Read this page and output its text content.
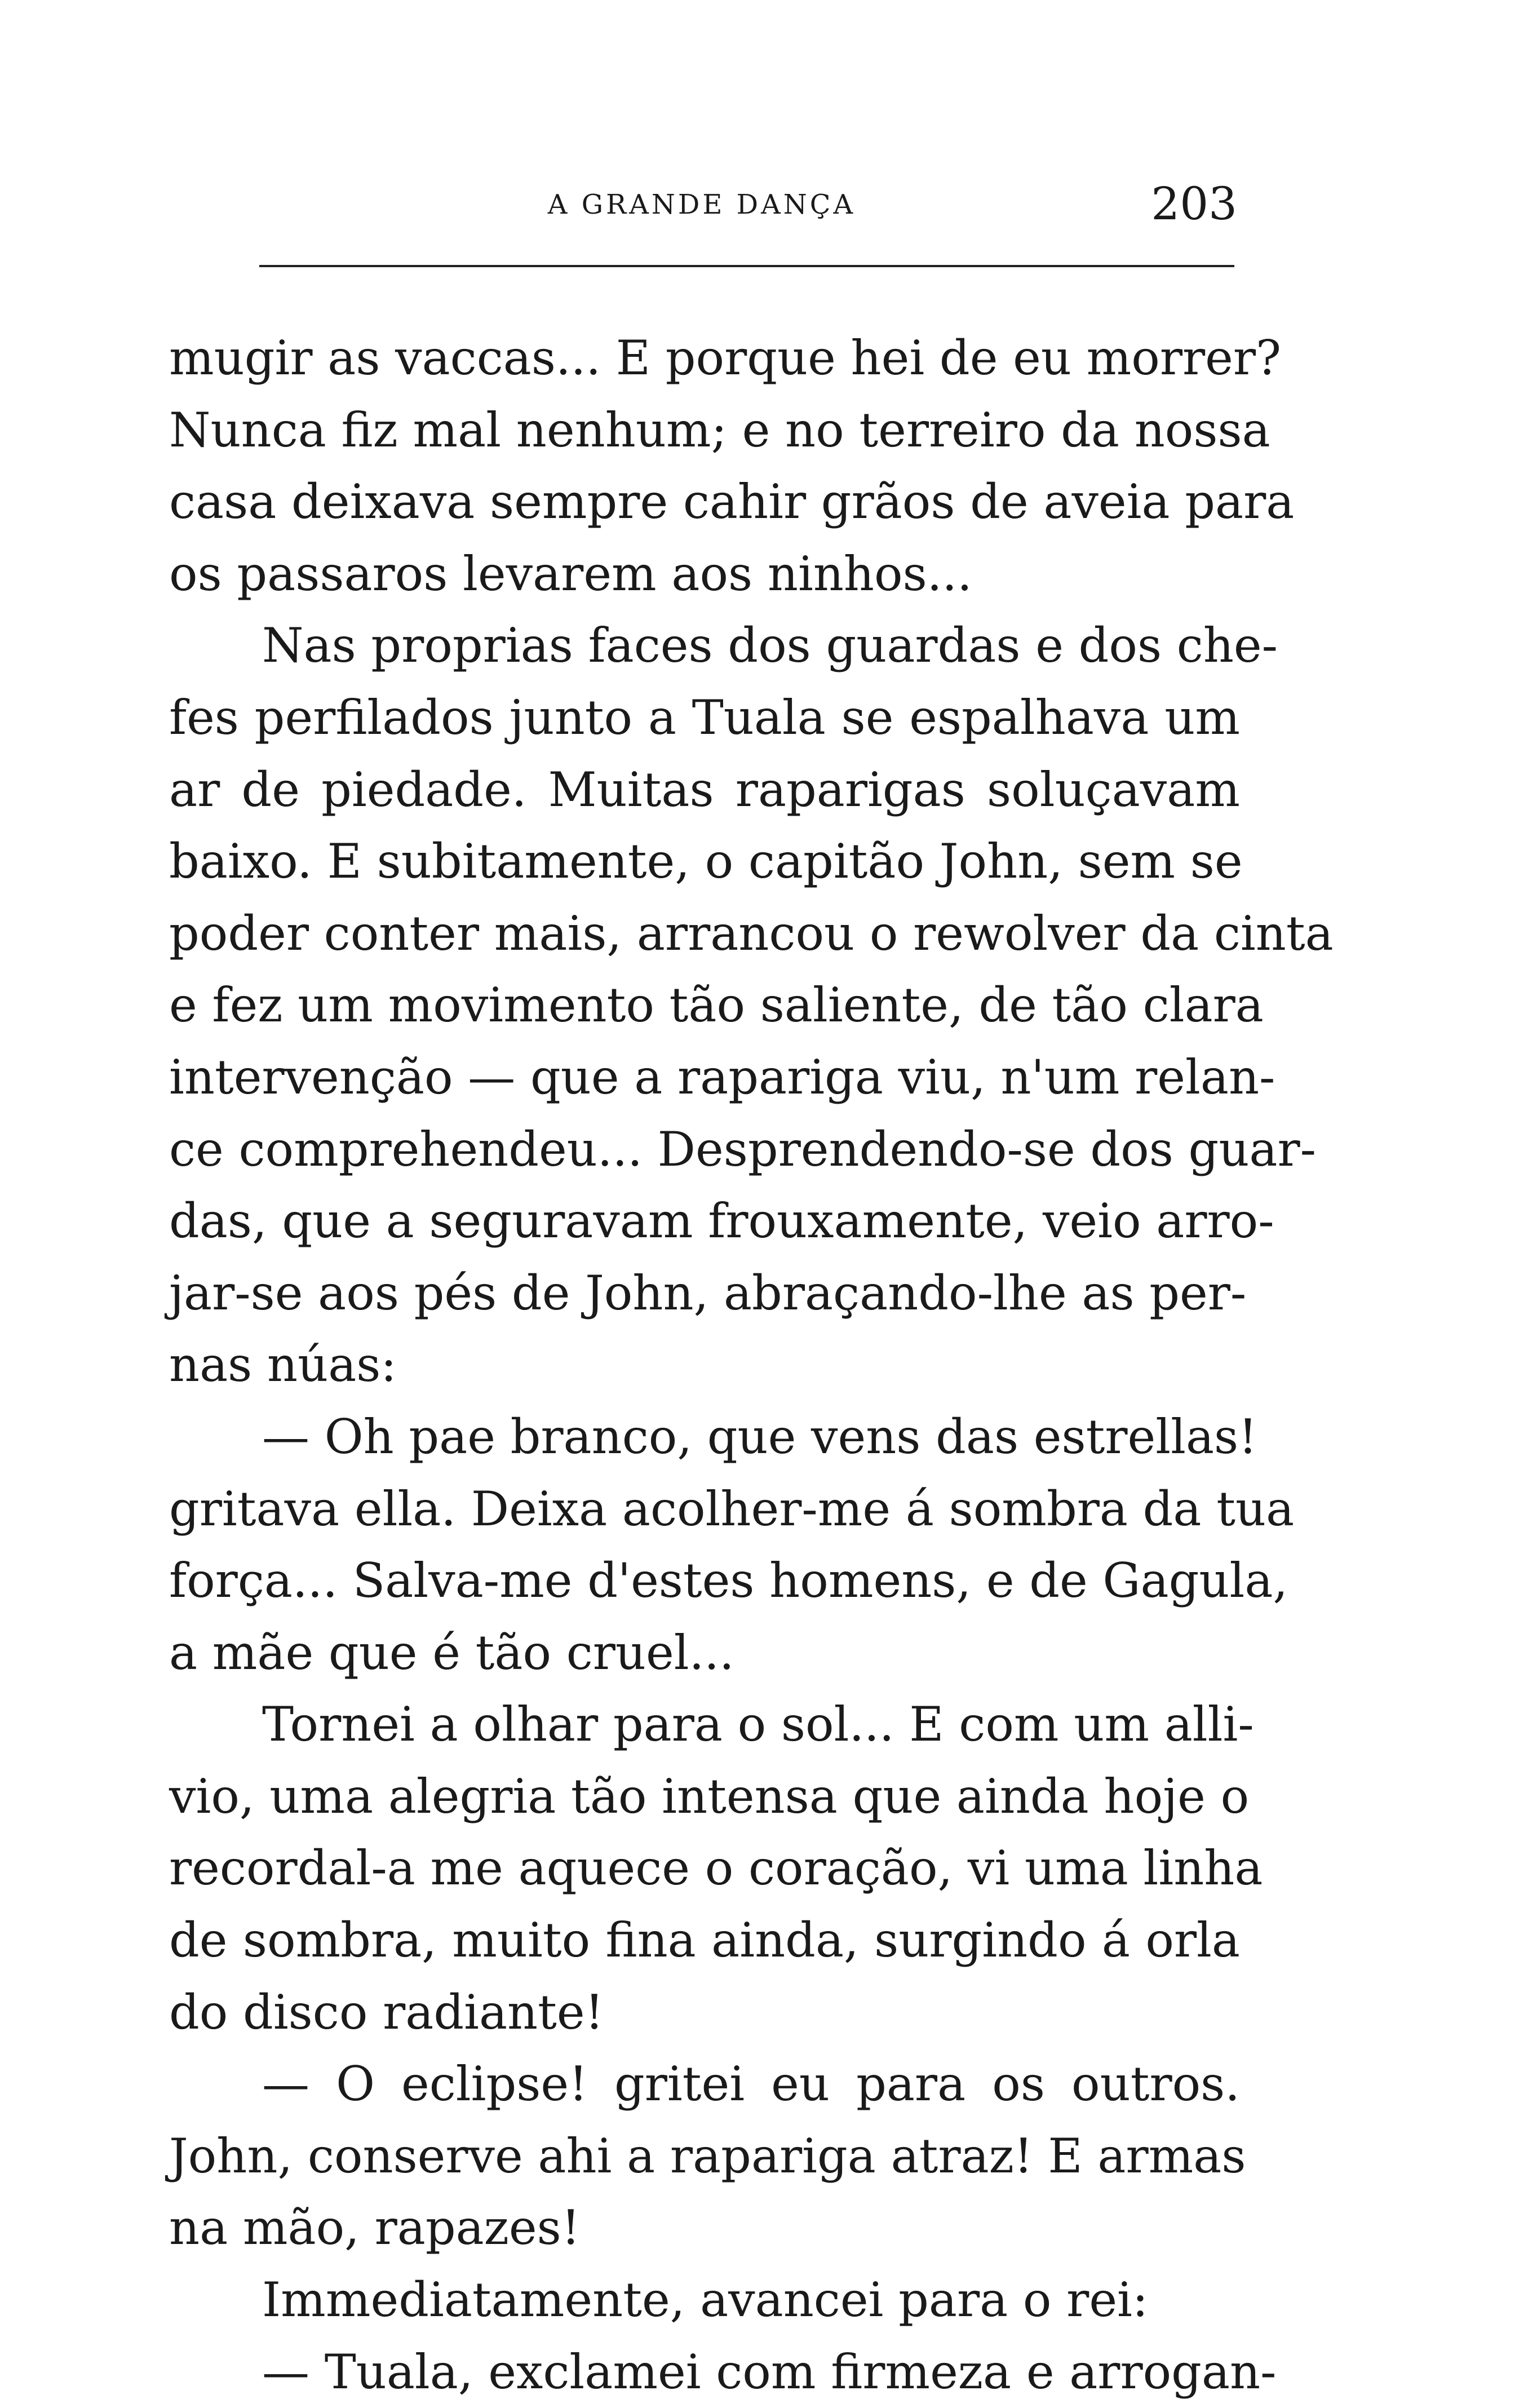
A GRANDE DANÇA	203
mugir as vaccas... E porque hei de eu morrer?
Nunca fiz mal nenhum; e no terreiro da nossa
casa deixava sempre cahir grãos de aveia para
os passaros levarem aos ninhos...
Nas proprias faces dos guardas e dos che-
fes perfilados junto a Tuala se espalhava um
ar de piedade. Muitas raparigas soluçavam
baixo. E subitamente, o capitão John, sem se
poder conter mais, arrancou o rewolver da cinta
e fez um movimento tão saliente, de tão clara
intervenção — que a rapariga viu, n'um relan-
ce comprehendeu... Desprendendo-se dos guar-
das, que a seguravam frouxamente, veio arro-
jar-se aos pés de John, abraçando-lhe as per-
nas núas:
— Oh pae branco, que vens das estrellas!
gritava ella. Deixa acolher-me á sombra da tua
força... Salva-me d'estes homens, e de Gagula,
a mãe que é tão cruel...
Tornei a olhar para o sol... E com um alli-
vio, uma alegria tão intensa que ainda hoje o
recordal-a me aquece o coração, vi uma linha
de sombra, muito fina ainda, surgindo á orla
do disco radiante!
— O eclipse! gritei eu para os outros.
John, conserve ahi a rapariga atraz! E armas
na mão, rapazes!
Immediatamente, avancei para o rei:
— Tuala, exclamei com firmeza e arrogan-
